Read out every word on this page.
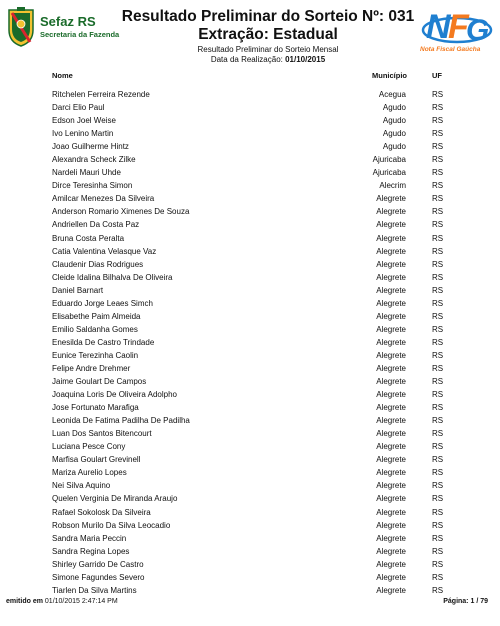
Sefaz RS
Secretaria da Fazenda
Resultado Preliminar do Sorteio Nº: 031
Extração: Estadual
Resultado Preliminar do Sorteio Mensal
Data da Realização: 01/10/2015
N
F
G
Nota Fiscal Gaúcha
Nome	Município	UF
Ritchelen Ferreira Rezende	Acegua	RS
Darci Elio Paul	Agudo	RS
Edson Joel Weise	Agudo	RS
Ivo Lenino Martin	Agudo	RS
Joao Guilherme Hintz	Agudo	RS
Alexandra Scheck Zilke	Ajuricaba	RS
Nardeli Mauri Uhde	Ajuricaba	RS
Dirce Teresinha Simon	Alecrim	RS
Amilcar Menezes Da Silveira	Alegrete	RS
Anderson Romario Ximenes De Souza	Alegrete	RS
Andriellen Da Costa Paz	Alegrete	RS
Bruna Costa Peralta	Alegrete	RS
Catia Valentina Velasque Vaz	Alegrete	RS
Claudenir Dias Rodrigues	Alegrete	RS
Cleide Idalina Bilhalva De Oliveira	Alegrete	RS
Daniel Barnart	Alegrete	RS
Eduardo Jorge Leaes Simch	Alegrete	RS
Elisabethe Paim Almeida	Alegrete	RS
Emilio Saldanha Gomes	Alegrete	RS
Enesilda De Castro Trindade	Alegrete	RS
Eunice Terezinha Caolin	Alegrete	RS
Felipe Andre Drehmer	Alegrete	RS
Jaime Goulart De Campos	Alegrete	RS
Joaquina Loris De Oliveira Adolpho	Alegrete	RS
Jose Fortunato Marafiga	Alegrete	RS
Leonida De Fatima Padilha De Padilha	Alegrete	RS
Luan Dos Santos Bitencourt	Alegrete	RS
Luciana Pesce Cony	Alegrete	RS
Marfisa Goulart Grevinell	Alegrete	RS
Mariza Aurelio Lopes	Alegrete	RS
Nei Silva Aquino	Alegrete	RS
Quelen Verginia De Miranda Araujo	Alegrete	RS
Rafael Sokolosk Da Silveira	Alegrete	RS
Robson Murilo Da Silva Leocadio	Alegrete	RS
Sandra Maria Peccin	Alegrete	RS
Sandra Regina Lopes	Alegrete	RS
Shirley Garrido De Castro	Alegrete	RS
Simone Fagundes Severo	Alegrete	RS
Tiarlen Da Silva Martins	Alegrete	RS
emitido em 01/10/2015 2:47:14 PM	Página: 1 / 79
